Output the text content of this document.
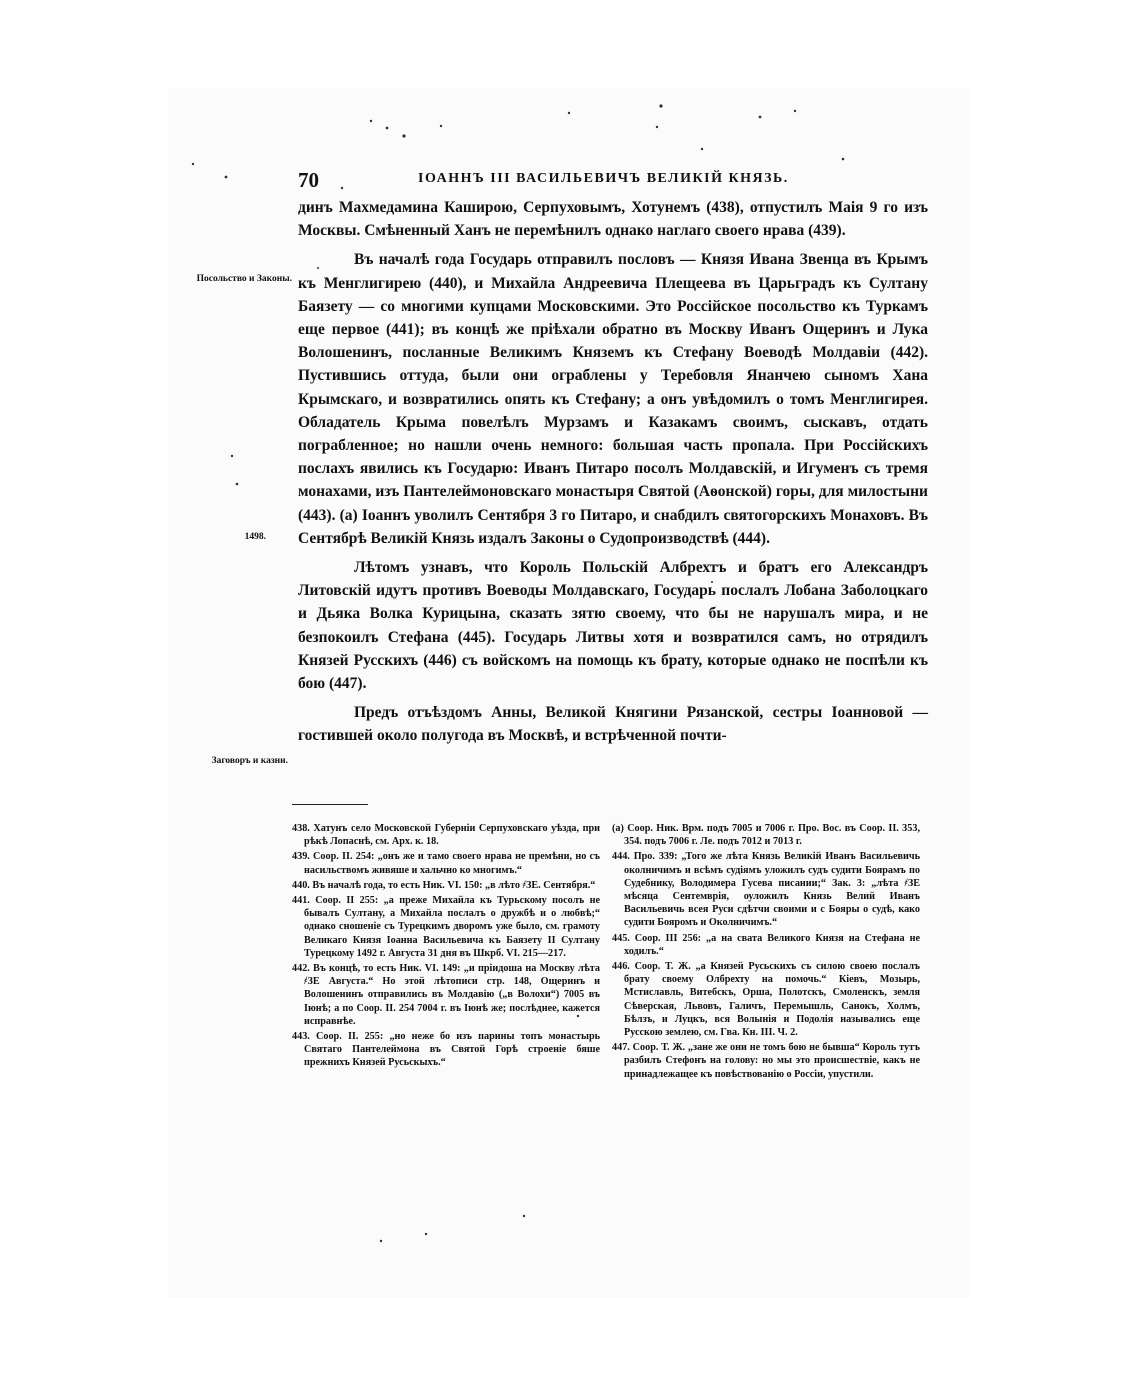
70	ІОАННЪ III ВАСИЛЬЕВИЧЪ ВЕЛИКІЙ КНЯЗЬ.
Посольство и Законы.
1498.
Заговоръ и казни.

динъ Махмедамина Каширою, Серпуховымъ, Хотунемъ (438), отпустилъ Маія 9 го изъ Москвы. Смѣненный Ханъ не перемѣнилъ однако наглаго своего нрава (439).

Въ началѣ года Государь отправилъ пословъ — Князя Ивана Звенца въ Крымъ къ Менглигирею (440), и Михайла Андреевича Плещеева въ Царьградъ къ Султану Баязету — со многими купцами Московскими. Это Россійское посольство къ Туркамъ еще первое (441); въ концѣ же пріѣхали обратно въ Москву Иванъ Ощеринъ и Лука Волошенинъ, посланные Великимъ Княземъ къ Стефану Воеводѣ Молдавіи (442). Пустившись оттуда, были они ограблены у Теребовля Янанчею сыномъ Хана Крымскаго, и возвратились опять къ Стефану; а онъ увѣдомилъ о томъ Менглигирея. Обладатель Крыма повелѣлъ Мурзамъ и Казакамъ своимъ, сыскавъ, отдать пограбленное; но нашли очень немного: большая часть пропала. При Россійскихъ послахъ явились къ Государю: Иванъ Питаро посолъ Молдавскій, и Игуменъ съ тремя монахами, изъ Пантелеймоновскаго монастыря Святой (Аѳонской) горы, для милостыни (443). (а) Іоаннъ уволилъ Сентября 3 го Питаро, и снабдилъ святогорскихъ Монаховъ. Въ Сентябрѣ Великій Князь издалъ Законы о Судопроизводствѣ (444).

Лѣтомъ узнавъ, что Король Польскій Албрехтъ и братъ его Александръ Литовскій идутъ противъ Воеводы Молдавскаго, Государь послалъ Лобана Заболоцкаго и Дьяка Волка Курицына, сказать зятю своему, что бы не нарушалъ мира, и не безпокоилъ Стефана (445). Государь Литвы хотя и возвратился самъ, но отрядилъ Князей Русскихъ (446) съ войскомъ на помощь къ брату, которые однако не поспѣли къ бою (447).

Предъ отъѣздомъ Анны, Великой Княгини Рязанской, сестры Іоанновой — гостившей около полугода въ Москвѣ, и встрѣченной почти-

438. Хатунъ село Московской Губерніи Серпуховскаго уѣзда, при рѣкѣ Лопаснѣ, см. Арх. к. 18.

439. Соор. II. 254: „онъ же и тамо своего нрава не премѣни, но съ насильствомъ живяше и хальчно ко многимъ.“

440. Въ началѣ года, то есть Ник. VI. 150: „в лѣто ҂ЗЕ. Сентября.“

441. Соор. II 255: „а преже Михайла къ Турьскому посолъ не бывалъ Султану, а Михайла послалъ о дружбѣ и о любвѣ;“ однако сношеніе съ Турецкимъ дворомъ уже было, см. грамоту Великаго Князя Іоанна Васильевича къ Баязету II Султану Турецкому 1492 г. Августа 31 дня въ Шкрб. VI. 215—217.

442. Въ концѣ, то есть Ник. VI. 149: „и пріидоша на Москву лѣта ҂ЗЕ Августа.“ Но этой лѣтописи стр. 148, Ощеринъ и Волошенинъ отправились въ Молдавію („в Волохи“) 7005 въ Іюнѣ; а по Соор. II. 254 7004 г. въ Іюнѣ же; послѣднее, кажется исправнѣе.

443. Соор. II. 255: „но неже бо изъ парины топъ монастырь Святаго Пантелеймона въ Святой Горѣ строеніе бяше прежнихъ Князей Русьскыхъ.“

(а) Соор. Ник. Врм. подъ 7005 и 7006 г. Про. Вос. въ Соор. II. 353, 354. подъ 7006 г. Ле. подъ 7012 и 7013 г.

444. Про. 339: „Того же лѣта Князь Великій Иванъ Васильевичь околничимъ и всѣмъ судіямъ уложилъ судъ судити Боярамъ по Судебнику, Володимера Гусева писании;“ Зак. 3: „лѣта ҂ЗЕ мѣсяца Сентемврія, оуложилъ Князь Велий Иванъ Васильевичь всея Руси сдѣтчи своими и с Бояры о судѣ, како судити Бояромъ и Околничимъ.“

445. Соор. III 256: „а на свата Великого Князя на Стефана не ходилъ.“

446. Соор. Т. Ж. „а Князей Русьскихъ съ силою своею послалъ брату своему Олбрехту на помочь.“ Кіевъ, Мозырь, Мстиславль, Витебскъ, Орша, Полотскъ, Смоленскъ, земля Сѣверская, Львовъ, Галичъ, Перемышль, Санокъ, Холмъ, Бѣлзъ, и Луцкъ, вся Волынія и Подолія назывались еще Русскою землею, см. Гва. Кн. III. Ч. 2.

447. Соор. Т. Ж. „зане же они не томъ бою не бывша“ Король тутъ разбилъ Стефонъ на голову: но мы это происшествіе, какъ не принадлежащее къ повѣствованію о Россіи, упустили.
